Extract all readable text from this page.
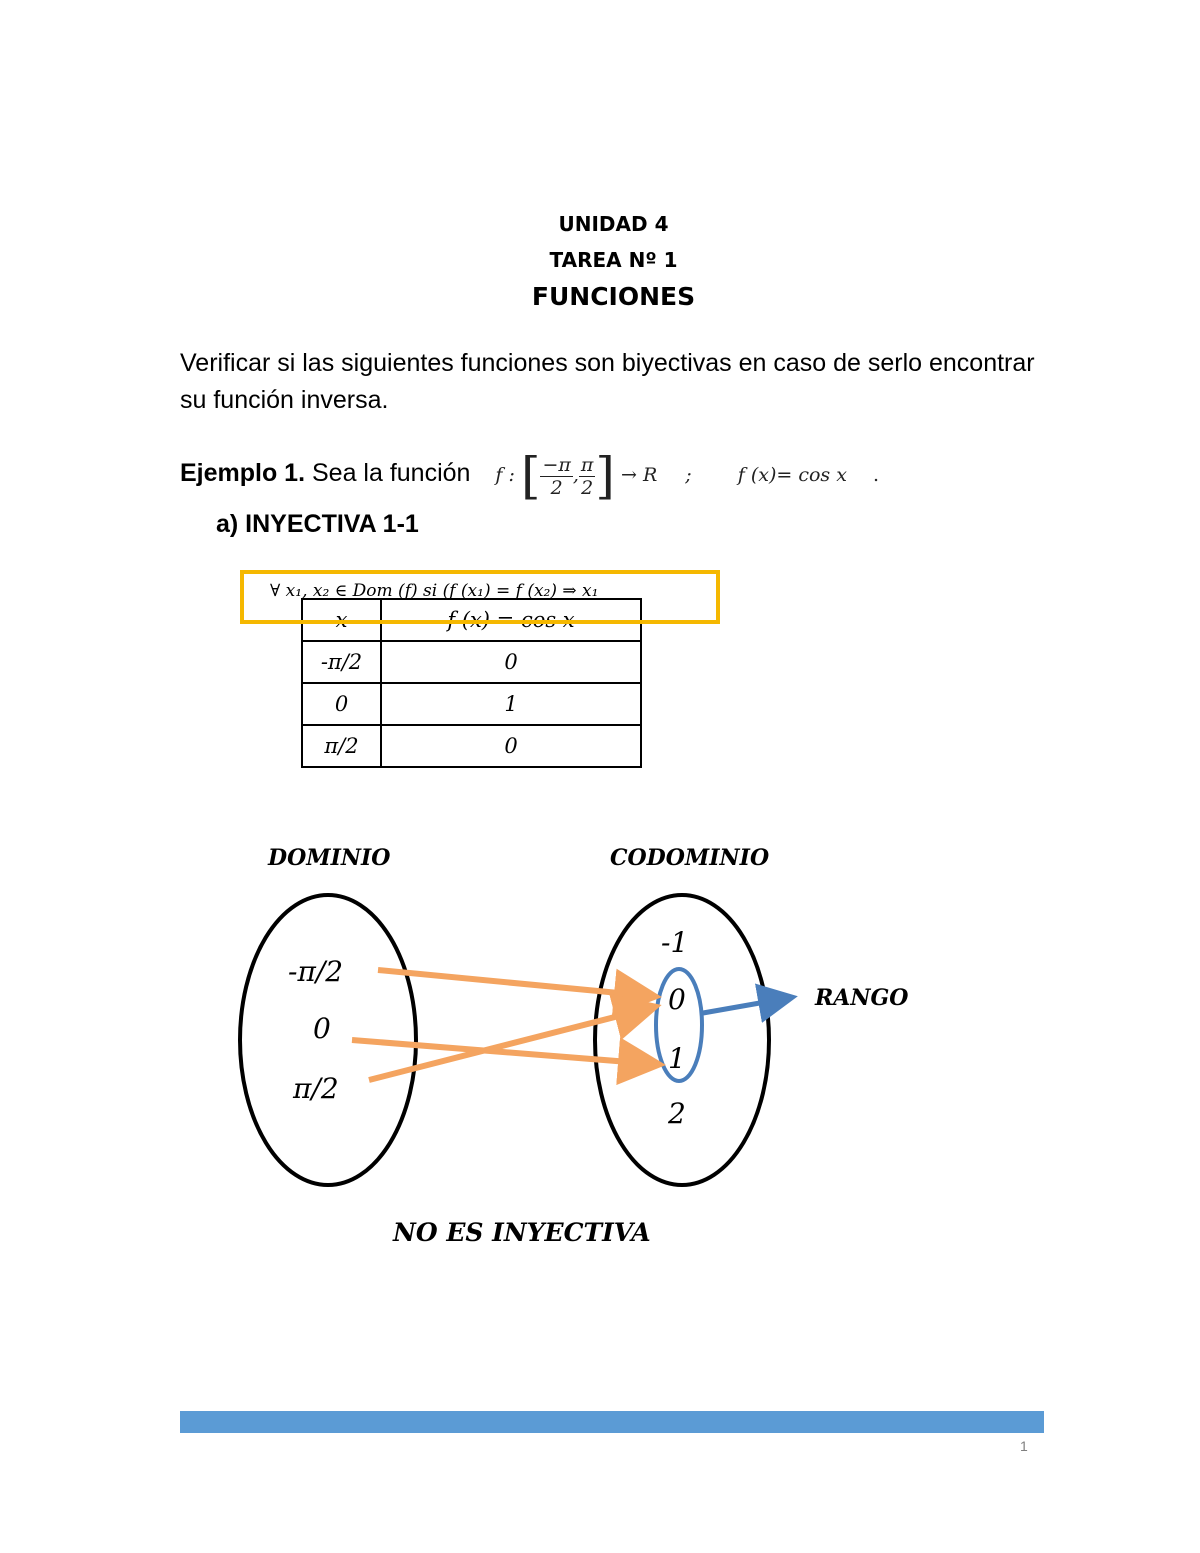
UNIDAD 4
TAREA Nº 1
FUNCIONES
Verificar si las siguientes funciones son biyectivas en caso de serlo encontrar su función inversa.
Ejemplo 1. Sea la función f : [ $\frac{-\pi}{2}$ , $\frac{\pi}{2}$ ] → R ; f (x)= cos x .
a) INYECTIVA 1-1
x	f (x) = cos x
-π/2	0
0	1
π/2	0
∀ x₁, x₂ ∈ Dom (f) si (f (x₁) = f (x₂) ⇒ x₁
DOMINIO	CODOMINIO
-π/2
0
π/2
-1
0
1
2
RANGO
NO ES INYECTIVA
1
